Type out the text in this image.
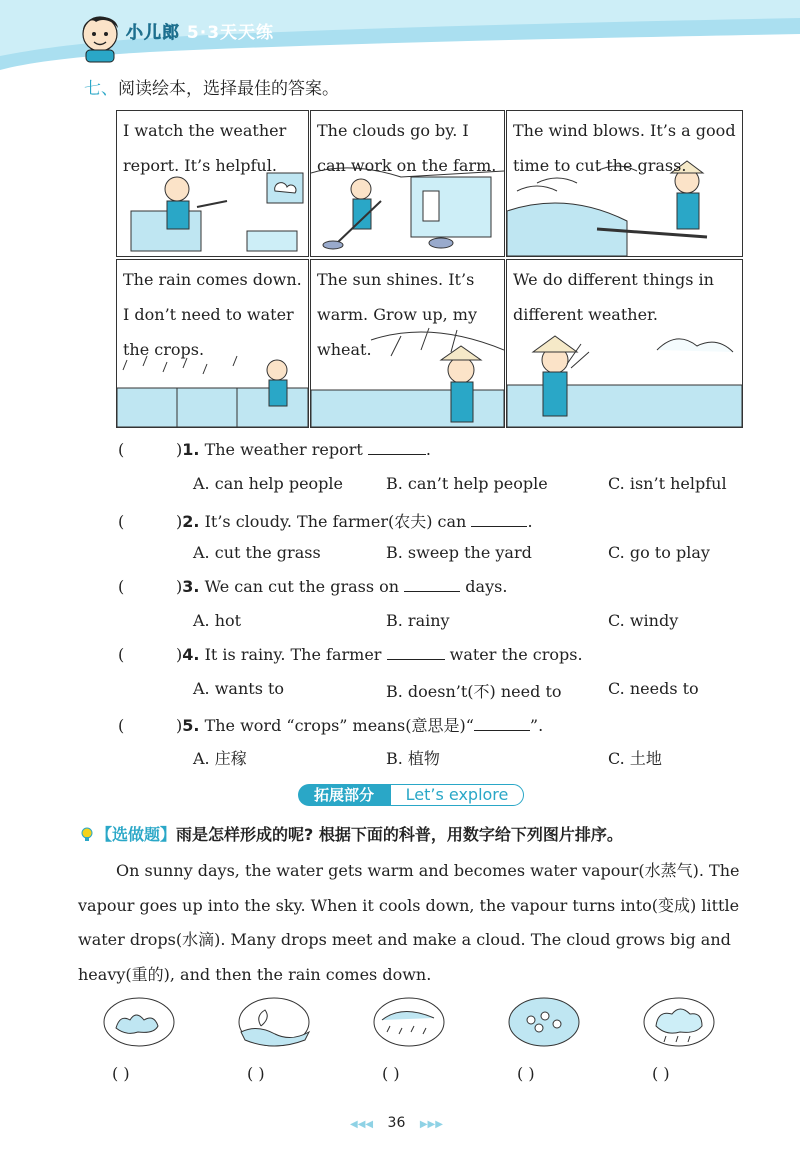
小儿郎 5·3天天练
七、阅读绘本，选择最佳的答案。
I watch the weather
report. It’s helpful.
The clouds go by. I
can work on the farm.
The wind blows. It’s a good
time to cut the grass.
The rain comes down.
I don’t need to water
the crops.
The sun shines. It’s
warm. Grow up, my
wheat.
We do different things in
different weather.
(	)1. The weather report	.
A. can help people	B. can’t help people	C. isn’t helpful
(	)2. It’s cloudy. The farmer(农夫) can	.
A. cut the grass	B. sweep the yard	C. go to play
(	)3. We can cut the grass on	days.
A. hot	B. rainy	C. windy
(	)4. It is rainy. The farmer	water the crops.
A. wants to	B. doesn’t(不) need to	C. needs to
(	)5. The word “crops” means(意思是)“	”.
A. 庄稼	B. 植物	C. 土地
拓展部分	Let’s explore
【选做题】雨是怎样形成的呢? 根据下面的科普，用数字给下列图片排序。
On sunny days, the water gets warm and becomes water vapour(水蒸气). The vapour goes up into the sky. When it cools down, the vapour turns into(变成) little water drops(水滴). Many drops meet and make a cloud. The cloud grows big and heavy(重的), and then the rain comes down.
( )	( )	( )	( )	( )
◀◀◀ 36 ▶▶▶
